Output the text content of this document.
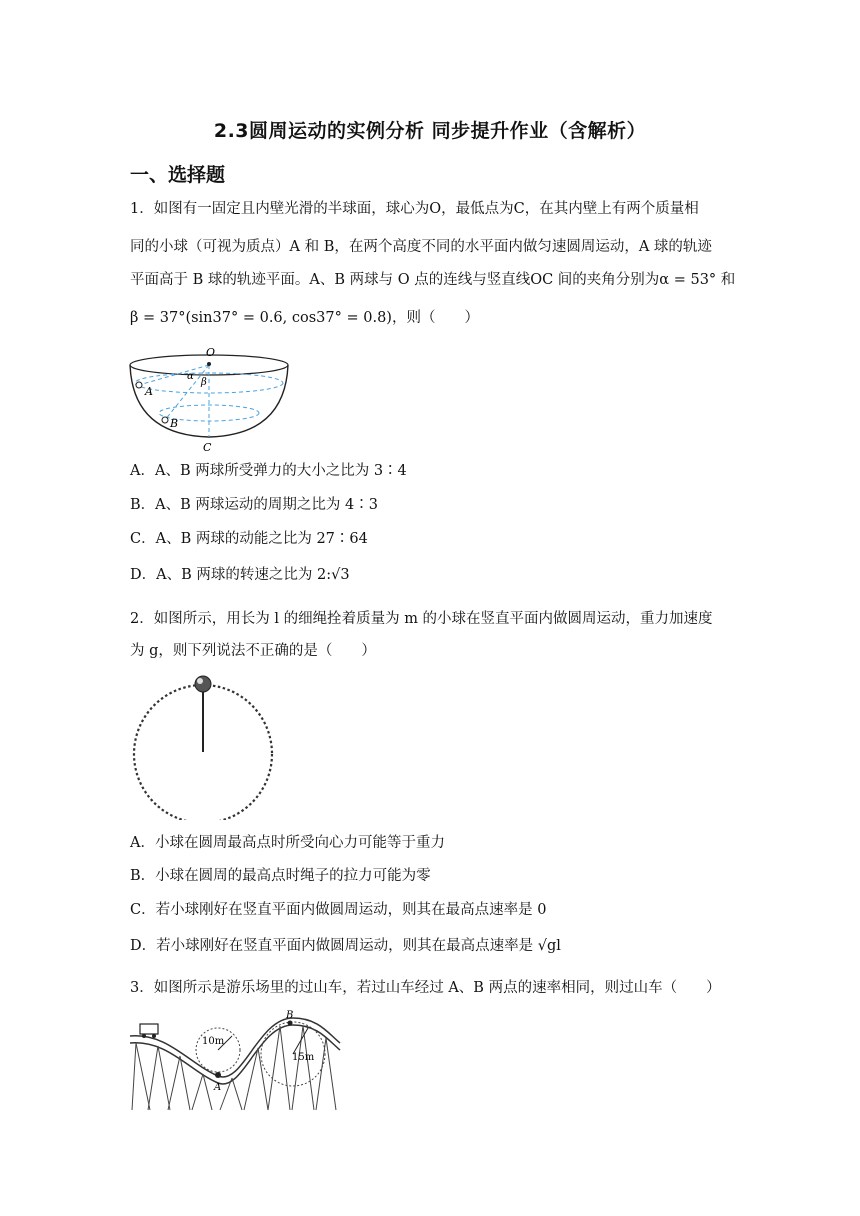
2.3圆周运动的实例分析 同步提升作业（含解析）
一、选择题
1．如图有一固定且内壁光滑的半球面，球心为O，最低点为C，在其内壁上有两个质量相
同的小球（可视为质点）A 和 B，在两个高度不同的水平面内做匀速圆周运动，A 球的轨迹
平面高于 B 球的轨迹平面。A、B 两球与 O 点的连线与竖直线OC 间的夹角分别为α = 53° 和
β = 37°(sin37° = 0.6, cos37° = 0.8)，则（　　）
O
α
β
A
B
C
A．A、B 两球所受弹力的大小之比为 3∶4
B．A、B 两球运动的周期之比为 4∶3
C．A、B 两球的动能之比为 27∶64
D．A、B 两球的转速之比为 2:√3
2．如图所示，用长为 l 的细绳拴着质量为 m 的小球在竖直平面内做圆周运动，重力加速度
为 g，则下列说法不正确的是（　　）
A．小球在圆周最高点时所受向心力可能等于重力
B．小球在圆周的最高点时绳子的拉力可能为零
C．若小球刚好在竖直平面内做圆周运动，则其在最高点速率是 0
D．若小球刚好在竖直平面内做圆周运动，则其在最高点速率是 √gl
3．如图所示是游乐场里的过山车，若过山车经过 A、B 两点的速率相同，则过山车（　　）
10m
15m
A
B
